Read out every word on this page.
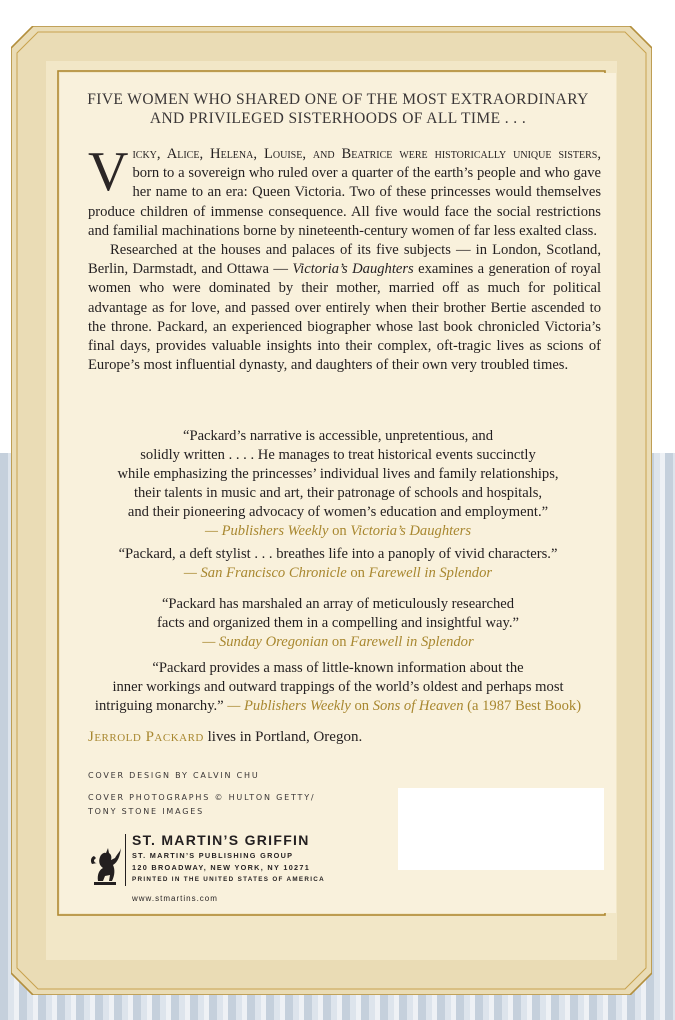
FIVE WOMEN WHO SHARED ONE OF THE MOST EXTRAORDINARY
AND PRIVILEGED SISTERHOODS OF ALL TIME . . .

Vicky, Alice, Helena, Louise, and Beatrice were historically unique sisters, born to a sovereign who ruled over a quarter of the earth’s people and who gave her name to an era: Queen Victoria. Two of these princesses would themselves produce children of immense consequence. All five would face the social restrictions and familial machinations borne by nineteenth-century women of far less exalted class.

Researched at the houses and palaces of its five subjects — in London, Scotland, Berlin, Darmstadt, and Ottawa — Victoria’s Daughters examines a generation of royal women who were dominated by their mother, married off as much for political advantage as for love, and passed over entirely when their brother Bertie ascended to the throne. Packard, an experienced biographer whose last book chronicled Victoria’s final days, provides valuable insights into their complex, oft-tragic lives as scions of Europe’s most influential dynasty, and daughters of their own very troubled times.

“Packard’s narrative is accessible, unpretentious, and
solidly written . . . . He manages to treat historical events succinctly
while emphasizing the princesses’ individual lives and family relationships,
their talents in music and art, their patronage of schools and hospitals,
and their pioneering advocacy of women’s education and employment.”
— Publishers Weekly on Victoria’s Daughters
“Packard, a deft stylist . . . breathes life into a panoply of vivid characters.”
— San Francisco Chronicle on Farewell in Splendor
“Packard has marshaled an array of meticulously researched
facts and organized them in a compelling and insightful way.”
— Sunday Oregonian on Farewell in Splendor
“Packard provides a mass of little-known information about the
inner workings and outward trappings of the world’s oldest and perhaps most
intriguing monarchy.” — Publishers Weekly on Sons of Heaven (a 1987 Best Book)
Jerrold Packard lives in Portland, Oregon.
COVER DESIGN BY CALVIN CHU
COVER PHOTOGRAPHS © HULTON GETTY/
TONY STONE IMAGES
ST. MARTIN’S GRIFFIN
ST. MARTIN’S PUBLISHING GROUP
120 BROADWAY, NEW YORK, NY 10271
PRINTED IN THE UNITED STATES OF AMERICA
www.stmartins.com
